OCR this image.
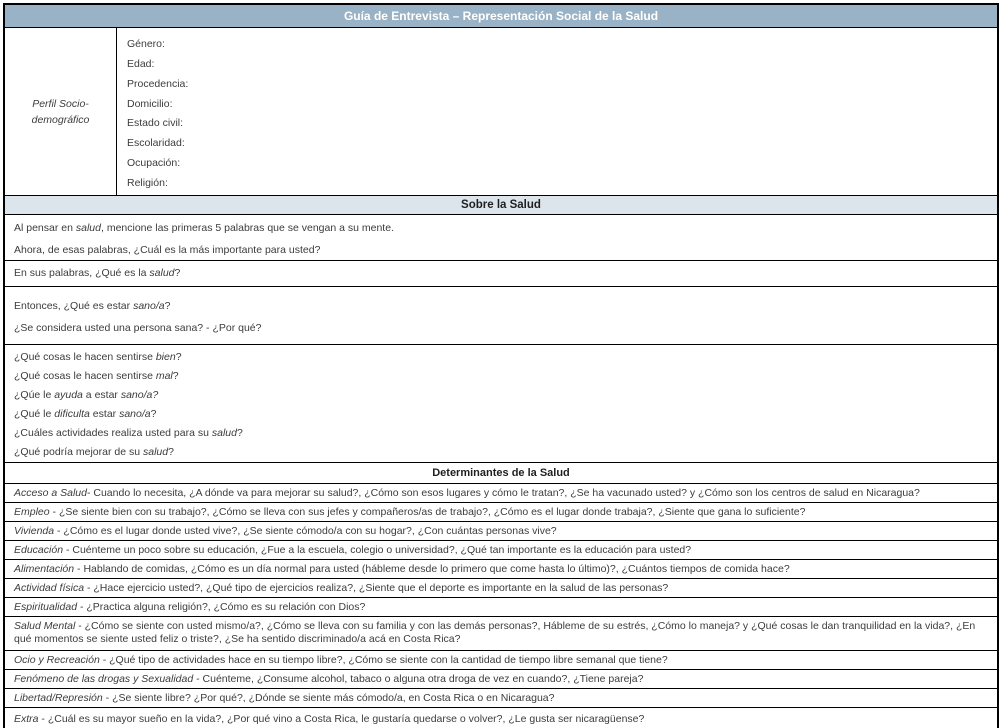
Guía de Entrevista – Representación Social de la Salud
Perfil Socio-demográfico
Género:
Edad:
Procedencia:
Domicilio:
Estado civil:
Escolaridad:
Ocupación:
Religión:
Sobre la Salud

Al pensar en salud, mencione las primeras 5 palabras que se vengan a su mente.

Ahora, de esas palabras, ¿Cuál es la más importante para usted?

En sus palabras, ¿Qué es la salud?

Entonces, ¿Qué es estar sano/a?

¿Se considera usted una persona sana? - ¿Por qué?

¿Qué cosas le hacen sentirse bien?

¿Qué cosas le hacen sentirse mal?

¿Qúe le ayuda a estar sano/a?

¿Qué le dificulta estar sano/a?

¿Cuáles actividades realiza usted para su salud?

¿Qué podría mejorar de su salud?

Determinantes de la Salud

Acceso a Salud- Cuando lo necesita, ¿A dónde va para mejorar su salud?, ¿Cómo son esos lugares y cómo le tratan?, ¿Se ha vacunado usted? y ¿Cómo son los centros de salud en Nicaragua?

Empleo - ¿Se siente bien con su trabajo?, ¿Cómo se lleva con sus jefes y compañeros/as de trabajo?, ¿Cómo es el lugar donde trabaja?, ¿Siente que gana lo suficiente?

Vivienda - ¿Cómo es el lugar donde usted vive?, ¿Se siente cómodo/a con su hogar?, ¿Con cuántas personas vive?

Educación - Cuénteme un poco sobre su educación, ¿Fue a la escuela, colegio o universidad?, ¿Qué tan importante es la educación para usted?

Alimentación - Hablando de comidas, ¿Cómo es un día normal para usted (hábleme desde lo primero que come hasta lo último)?, ¿Cuántos tiempos de comida hace?

Actividad física - ¿Hace ejercicio usted?, ¿Qué tipo de ejercicios realiza?, ¿Siente que el deporte es importante en la salud de las personas?

Espiritualidad - ¿Practica alguna religión?, ¿Cómo es su relación con Dios?

Salud Mental - ¿Cómo se siente con usted mismo/a?, ¿Cómo se lleva con su familia y con las demás personas?, Hábleme de su estrés, ¿Cómo lo maneja? y ¿Qué cosas le dan tranquilidad en la vida?, ¿En qué momentos se siente usted feliz o triste?, ¿Se ha sentido discriminado/a acá en Costa Rica?

Ocio y Recreación - ¿Qué tipo de actividades hace en su tiempo libre?, ¿Cómo se siente con la cantidad de tiempo libre semanal que tiene?

Fenómeno de las drogas y Sexualidad - Cuénteme, ¿Consume alcohol, tabaco o alguna otra droga de vez en cuando?, ¿Tiene pareja?

Libertad/Represión - ¿Se siente libre? ¿Por qué?, ¿Dónde se siente más cómodo/a, en Costa Rica o en Nicaragua?

Extra - ¿Cuál es su mayor sueño en la vida?, ¿Por qué vino a Costa Rica, le gustaría quedarse o volver?, ¿Le gusta ser nicaragüense?
